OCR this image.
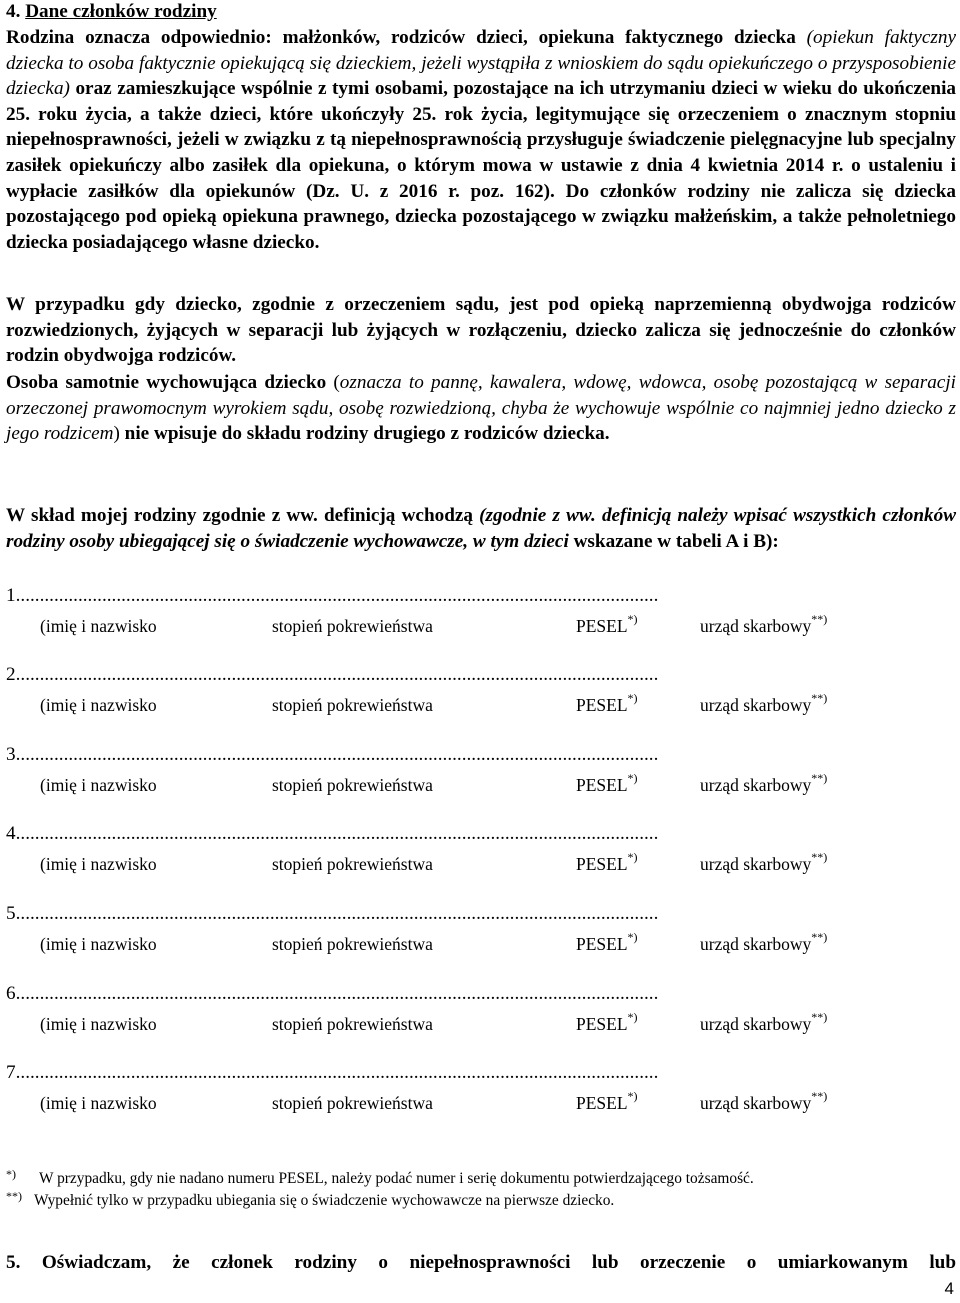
4. Dane członków rodziny
Rodzina oznacza odpowiednio: małżonków, rodziców dzieci, opiekuna faktycznego dziecka (opiekun faktyczny dziecka to osoba faktycznie opiekującą się dzieckiem, jeżeli wystąpiła z wnioskiem do sądu opiekuńczego o przysposobienie dziecka) oraz zamieszkujące wspólnie z tymi osobami, pozostające na ich utrzymaniu dzieci w wieku do ukończenia 25. roku życia, a także dzieci, które ukończyły 25. rok życia, legitymujące się orzeczeniem o znacznym stopniu niepełnosprawności, jeżeli w związku z tą niepełnosprawnością przysługuje świadczenie pielęgnacyjne lub specjalny zasiłek opiekuńczy albo zasiłek dla opiekuna, o którym mowa w ustawie z dnia 4 kwietnia 2014 r. o ustaleniu i wypłacie zasiłków dla opiekunów (Dz. U. z 2016 r. poz. 162). Do członków rodziny nie zalicza się dziecka pozostającego pod opieką opiekuna prawnego, dziecka pozostającego w związku małżeńskim, a także pełnoletniego dziecka posiadającego własne dziecko.
W przypadku gdy dziecko, zgodnie z orzeczeniem sądu, jest pod opieką naprzemienną obydwojga rodziców rozwiedzionych, żyjących w separacji lub żyjących w rozłączeniu, dziecko zalicza się jednocześnie do członków rodzin obydwojga rodziców.
Osoba samotnie wychowująca dziecko (oznacza to pannę, kawalera, wdowę, wdowca, osobę pozostającą w separacji orzeczonej prawomocnym wyrokiem sądu, osobę rozwiedzioną, chyba że wychowuje wspólnie co najmniej jedno dziecko z jego rodzicem) nie wpisuje do składu rodziny drugiego z rodziców dziecka.
W skład mojej rodziny zgodnie z ww. definicją wchodzą (zgodnie z ww. definicją należy wpisać wszystkich członków rodziny osoby ubiegającej się o świadczenie wychowawcze, w tym dzieci wskazane w tabeli A i B):
1......................................................................................................................................
(imię i nazwisko	stopień pokrewieństwa	PESEL*)	urząd skarbowy**)
2......................................................................................................................................
(imię i nazwisko	stopień pokrewieństwa	PESEL*)	urząd skarbowy**)
3......................................................................................................................................
(imię i nazwisko	stopień pokrewieństwa	PESEL*)	urząd skarbowy**)
4......................................................................................................................................
(imię i nazwisko	stopień pokrewieństwa	PESEL*)	urząd skarbowy**)
5......................................................................................................................................
(imię i nazwisko	stopień pokrewieństwa	PESEL*)	urząd skarbowy**)
6......................................................................................................................................
(imię i nazwisko	stopień pokrewieństwa	PESEL*)	urząd skarbowy**)
7......................................................................................................................................
(imię i nazwisko	stopień pokrewieństwa	PESEL*)	urząd skarbowy**)
*) W przypadku, gdy nie nadano numeru PESEL, należy podać numer i serię dokumentu potwierdzającego tożsamość.
**) Wypełnić tylko w przypadku ubiegania się o świadczenie wychowawcze na pierwsze dziecko.
5. Oświadczam, że członek rodziny o niepełnosprawności lub orzeczenie o umiarkowanym lub
4
